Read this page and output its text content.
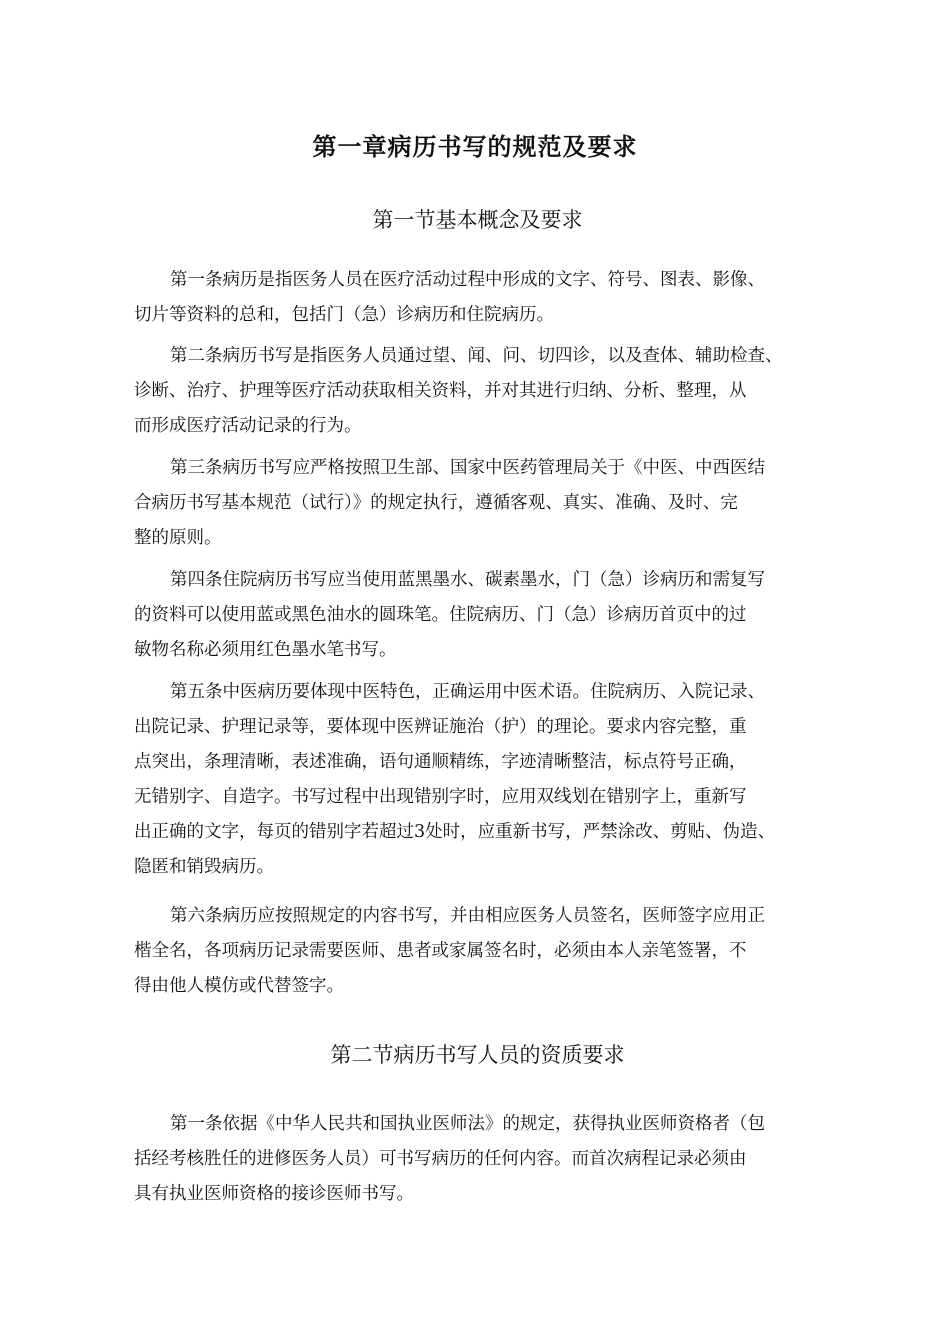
第一章病历书写的规范及要求
第一节基本概念及要求

第一条病历是指医务人员在医疗活动过程中形成的文字、符号、图表、影像、
切片等资料的总和，包括门（急）诊病历和住院病历。

第二条病历书写是指医务人员通过望、闻、问、切四诊，以及查体、辅助检查、
诊断、治疗、护理等医疗活动获取相关资料，并对其进行归纳、分析、整理，从
而形成医疗活动记录的行为。

第三条病历书写应严格按照卫生部、国家中医药管理局关于《中医、中西医结
合病历书写基本规范（试行）》的规定执行，遵循客观、真实、准确、及时、完
整的原则。

第四条住院病历书写应当使用蓝黑墨水、碳素墨水，门（急）诊病历和需复写
的资料可以使用蓝或黑色油水的圆珠笔。住院病历、门（急）诊病历首页中的过
敏物名称必须用红色墨水笔书写。

第五条中医病历要体现中医特色，正确运用中医术语。住院病历、入院记录、
出院记录、护理记录等，要体现中医辨证施治（护）的理论。要求内容完整，重
点突出，条理清晰，表述准确，语句通顺精练，字迹清晰整洁，标点符号正确，
无错别字、自造字。书写过程中出现错别字时，应用双线划在错别字上，重新写
出正确的文字，每页的错别字若超过3处时，应重新书写，严禁涂改、剪贴、伪造、
隐匿和销毁病历。

第六条病历应按照规定的内容书写，并由相应医务人员签名，医师签字应用正
楷全名，各项病历记录需要医师、患者或家属签名时，必须由本人亲笔签署，不
得由他人模仿或代替签字。

第二节病历书写人员的资质要求

第一条依据《中华人民共和国执业医师法》的规定，获得执业医师资格者（包
括经考核胜任的进修医务人员）可书写病历的任何内容。而首次病程记录必须由
具有执业医师资格的接诊医师书写。
